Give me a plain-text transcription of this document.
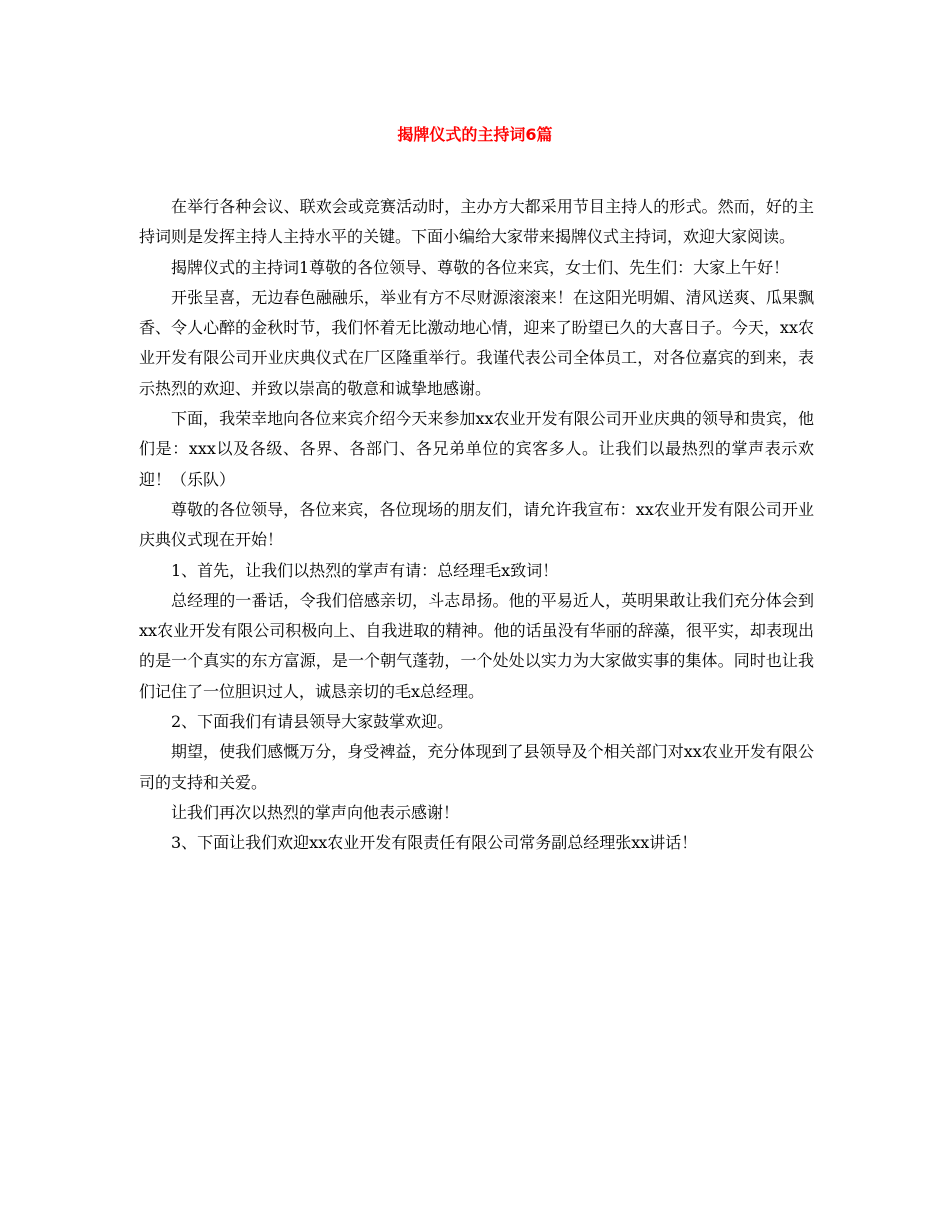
揭牌仪式的主持词6篇

在举行各种会议、联欢会或竞赛活动时，主办方大都采用节目主持人的形式。然而，好的主持词则是发挥主持人主持水平的关键。下面小编给大家带来揭牌仪式主持词，欢迎大家阅读。

揭牌仪式的主持词1尊敬的各位领导、尊敬的各位来宾，女士们、先生们：大家上午好！

开张呈喜，无边春色融融乐，举业有方不尽财源滚滚来！在这阳光明媚、清风送爽、瓜果飘香、令人心醉的金秋时节，我们怀着无比激动地心情，迎来了盼望已久的大喜日子。今天，xx农业开发有限公司开业庆典仪式在厂区隆重举行。我谨代表公司全体员工，对各位嘉宾的到来，表示热烈的欢迎、并致以崇高的敬意和诚挚地感谢。

下面，我荣幸地向各位来宾介绍今天来参加xx农业开发有限公司开业庆典的领导和贵宾，他们是：xxx以及各级、各界、各部门、各兄弟单位的宾客多人。让我们以最热烈的掌声表示欢迎！（乐队）

尊敬的各位领导，各位来宾，各位现场的朋友们，请允许我宣布：xx农业开发有限公司开业庆典仪式现在开始！

1、首先，让我们以热烈的掌声有请：总经理毛x致词！

总经理的一番话，令我们倍感亲切，斗志昂扬。他的平易近人，英明果敢让我们充分体会到xx农业开发有限公司积极向上、自我进取的精神。他的话虽没有华丽的辞藻，很平实，却表现出的是一个真实的东方富源，是一个朝气蓬勃，一个处处以实力为大家做实事的集体。同时也让我们记住了一位胆识过人，诚恳亲切的毛x总经理。

2、下面我们有请县领导大家鼓掌欢迎。

期望，使我们感慨万分，身受裨益，充分体现到了县领导及个相关部门对xx农业开发有限公司的支持和关爱。

让我们再次以热烈的掌声向他表示感谢！

3、下面让我们欢迎xx农业开发有限责任有限公司常务副总经理张xx讲话！
